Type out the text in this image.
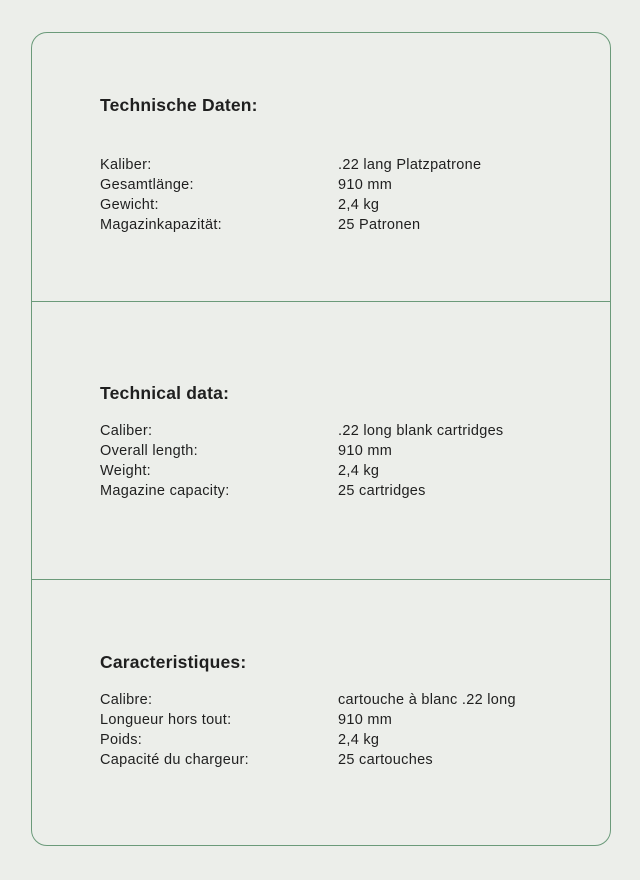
Technische Daten:
Kaliber:	.22 lang Platzpatrone
Gesamtlänge:	910 mm
Gewicht:	2,4 kg
Magazinkapazität:	25 Patronen
Technical data:
Caliber:	.22 long blank cartridges
Overall length:	910 mm
Weight:	2,4 kg
Magazine capacity:	25 cartridges
Caracteristiques:
Calibre:	cartouche à blanc .22 long
Longueur hors tout:	910 mm
Poids:	2,4 kg
Capacité du chargeur:	25 cartouches
